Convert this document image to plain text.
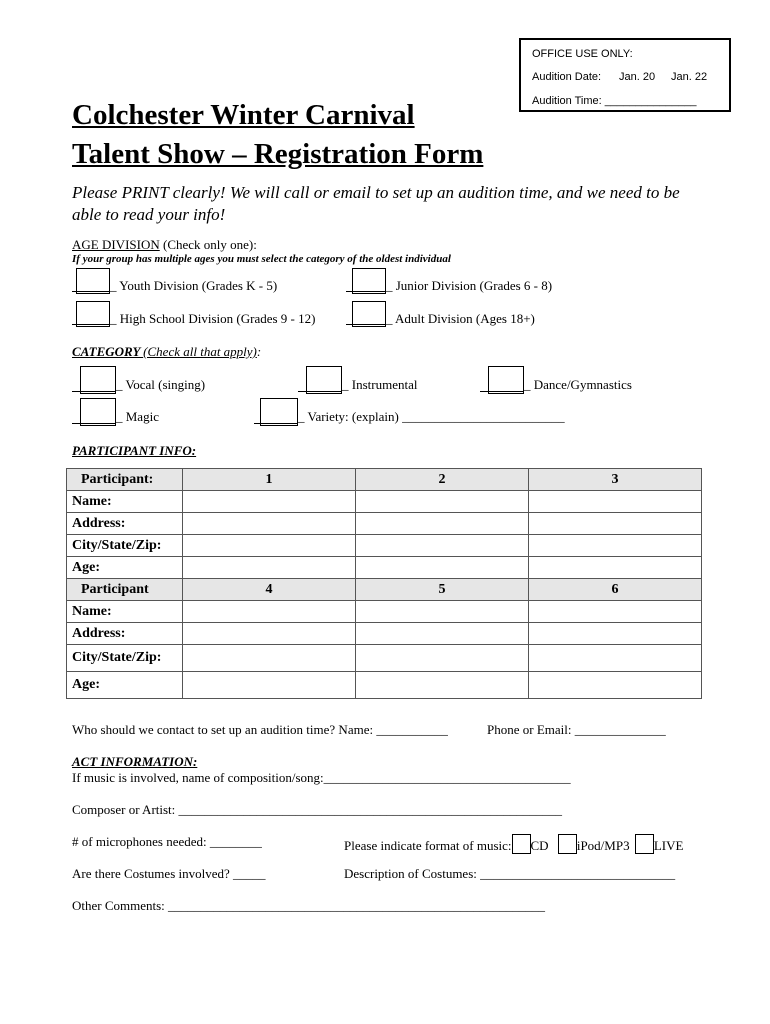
OFFICE USE ONLY:
Audition Date: Jan. 20 Jan. 22
Audition Time: _______________
Colchester Winter Carnival
Talent Show – Registration Form
Please PRINT clearly! We will call or email to set up an audition time, and we need to be able to read your info!
AGE DIVISION (Check only one):
If your group has multiple ages you must select the category of the oldest individual
_ Youth Division (Grades K - 5)	_ Junior Division (Grades 6 - 8)
_ High School Division (Grades 9 - 12)	_ Adult Division (Ages 18+)
CATEGORY (Check all that apply):
_ Vocal (singing)	_ Instrumental	_ Dance/Gymnastics
_ Magic	_ Variety: (explain) _________________________
PARTICIPANT INFO:
Participant:	1	2	3
Name:			
Address:			
City/State/Zip:			
Age:			
Participant	4	5	6
Name:			
Address:			
City/State/Zip:			
Age:			
Who should we contact to set up an audition time? Name: ___________	Phone or Email: ______________
ACT INFORMATION:
If music is involved, name of composition/song:______________________________________
Composer or Artist: ___________________________________________________________
# of microphones needed: ________	Please indicate format of music: CD iPod/MP3 LIVE
Are there Costumes involved? _____	Description of Costumes: ______________________________
Other Comments: __________________________________________________________
